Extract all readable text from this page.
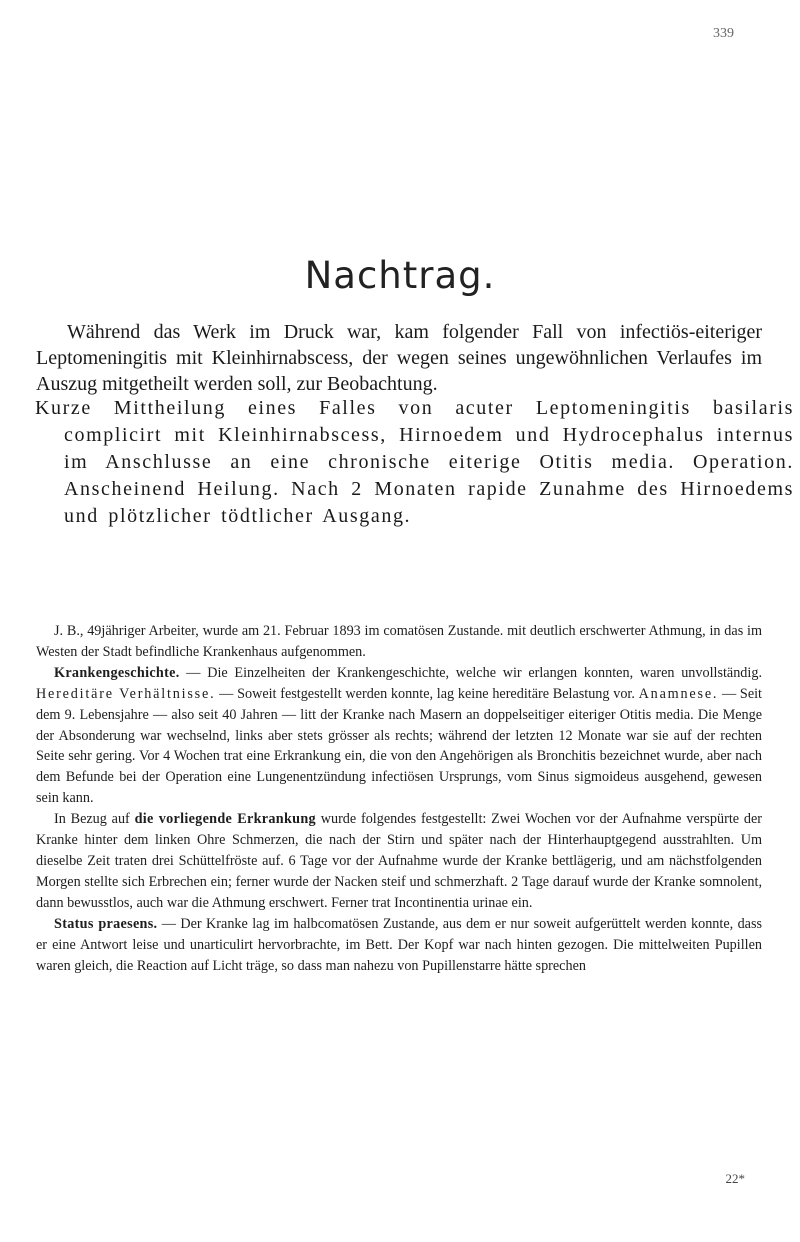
339
Nachtrag.

Während das Werk im Druck war, kam folgender Fall von infectiös-eiteriger Leptomeningitis mit Kleinhirnabscess, der wegen seines ungewöhnlichen Verlaufes im Auszug mitgetheilt werden soll, zur Beobachtung.

Kurze Mittheilung eines Falles von acuter Leptomeningitis basilaris complicirt mit Kleinhirnabscess, Hirnoedem und Hydrocephalus internus im Anschlusse an eine chronische eiterige Otitis media. Operation. Anscheinend Heilung. Nach 2 Monaten rapide Zunahme des Hirnoedems und plötzlicher tödtlicher Ausgang.

J. B., 49jähriger Arbeiter, wurde am 21. Februar 1893 im comatösen Zustande. mit deutlich erschwerter Athmung, in das im Westen der Stadt befindliche Krankenhaus aufgenommen.

Krankengeschichte. — Die Einzelheiten der Krankengeschichte, welche wir erlangen konnten, waren unvollständig. Hereditäre Verhältnisse. — Soweit festgestellt werden konnte, lag keine hereditäre Belastung vor. Anamnese. — Seit dem 9. Lebensjahre — also seit 40 Jahren — litt der Kranke nach Masern an doppelseitiger eiteriger Otitis media. Die Menge der Absonderung war wechselnd, links aber stets grösser als rechts; während der letzten 12 Monate war sie auf der rechten Seite sehr gering. Vor 4 Wochen trat eine Erkrankung ein, die von den Angehörigen als Bronchitis bezeichnet wurde, aber nach dem Befunde bei der Operation eine Lungenentzündung infectiösen Ursprungs, vom Sinus sigmoideus ausgehend, gewesen sein kann.

In Bezug auf die vorliegende Erkrankung wurde folgendes festgestellt: Zwei Wochen vor der Aufnahme verspürte der Kranke hinter dem linken Ohre Schmerzen, die nach der Stirn und später nach der Hinterhauptgegend ausstrahlten. Um dieselbe Zeit traten drei Schüttelfröste auf. 6 Tage vor der Aufnahme wurde der Kranke bettlägerig, und am nächstfolgenden Morgen stellte sich Erbrechen ein; ferner wurde der Nacken steif und schmerzhaft. 2 Tage darauf wurde der Kranke somnolent, dann bewusstlos, auch war die Athmung erschwert. Ferner trat Incontinentia urinae ein.

Status praesens. — Der Kranke lag im halbcomatösen Zustande, aus dem er nur soweit aufgerüttelt werden konnte, dass er eine Antwort leise und unarticulirt hervorbrachte, im Bett. Der Kopf war nach hinten gezogen. Die mittelweiten Pupillen waren gleich, die Reaction auf Licht träge, so dass man nahezu von Pupillenstarre hätte sprechen

22*
